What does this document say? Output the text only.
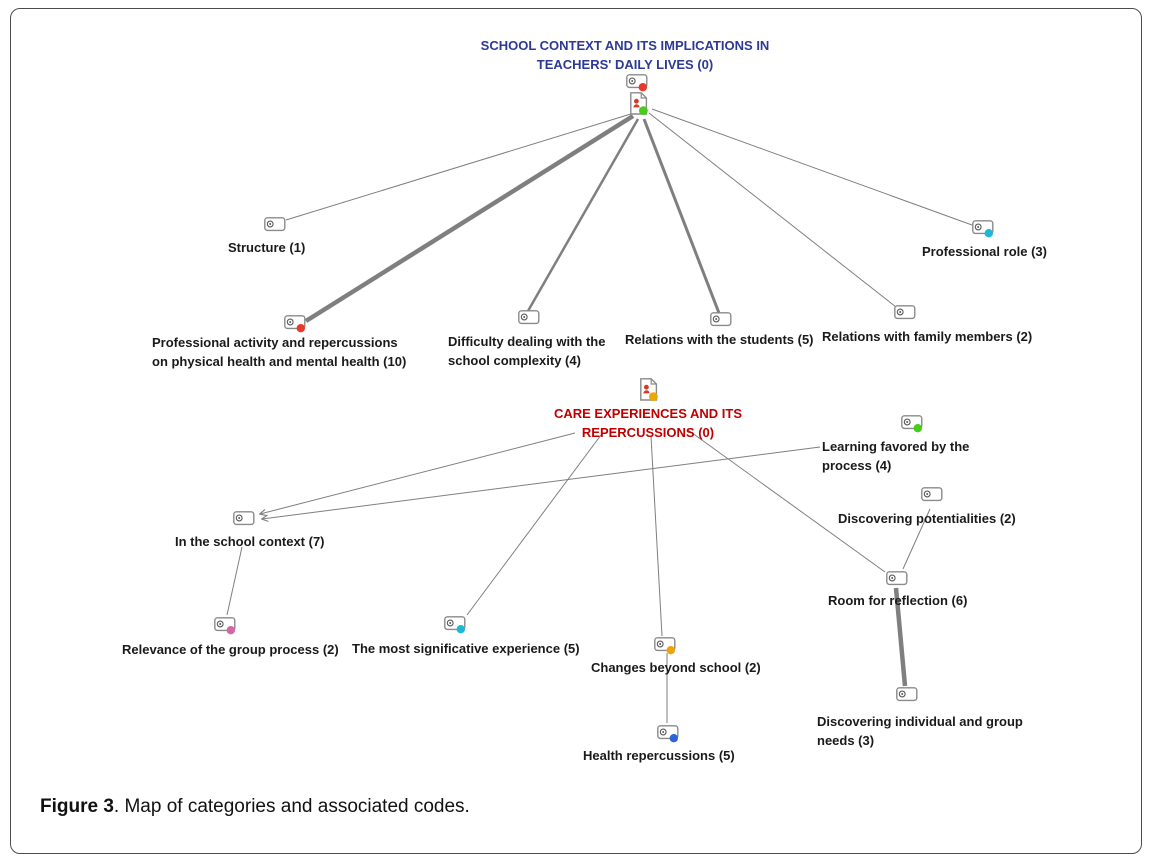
SCHOOL CONTEXT AND ITS IMPLICATIONS IN
TEACHERS' DAILY LIVES (0)
Structure (1)
Professional activity and repercussions
on physical health and mental health (10)
Difficulty dealing with the
school complexity (4)
Relations with the students (5) Relations with family members (2)
Professional role (3)
CARE EXPERIENCES AND ITS
REPERCUSSIONS (0)
Learning favored by the
process (4)
Discovering potentialities (2)
In the school context (7)
Relevance of the group process (2) The most significative experience (5)
Changes beyond school (2)
Health repercussions (5)
Room for reflection (6)
Discovering individual and group
needs (3)
Figure 3. Map of categories and associated codes.
